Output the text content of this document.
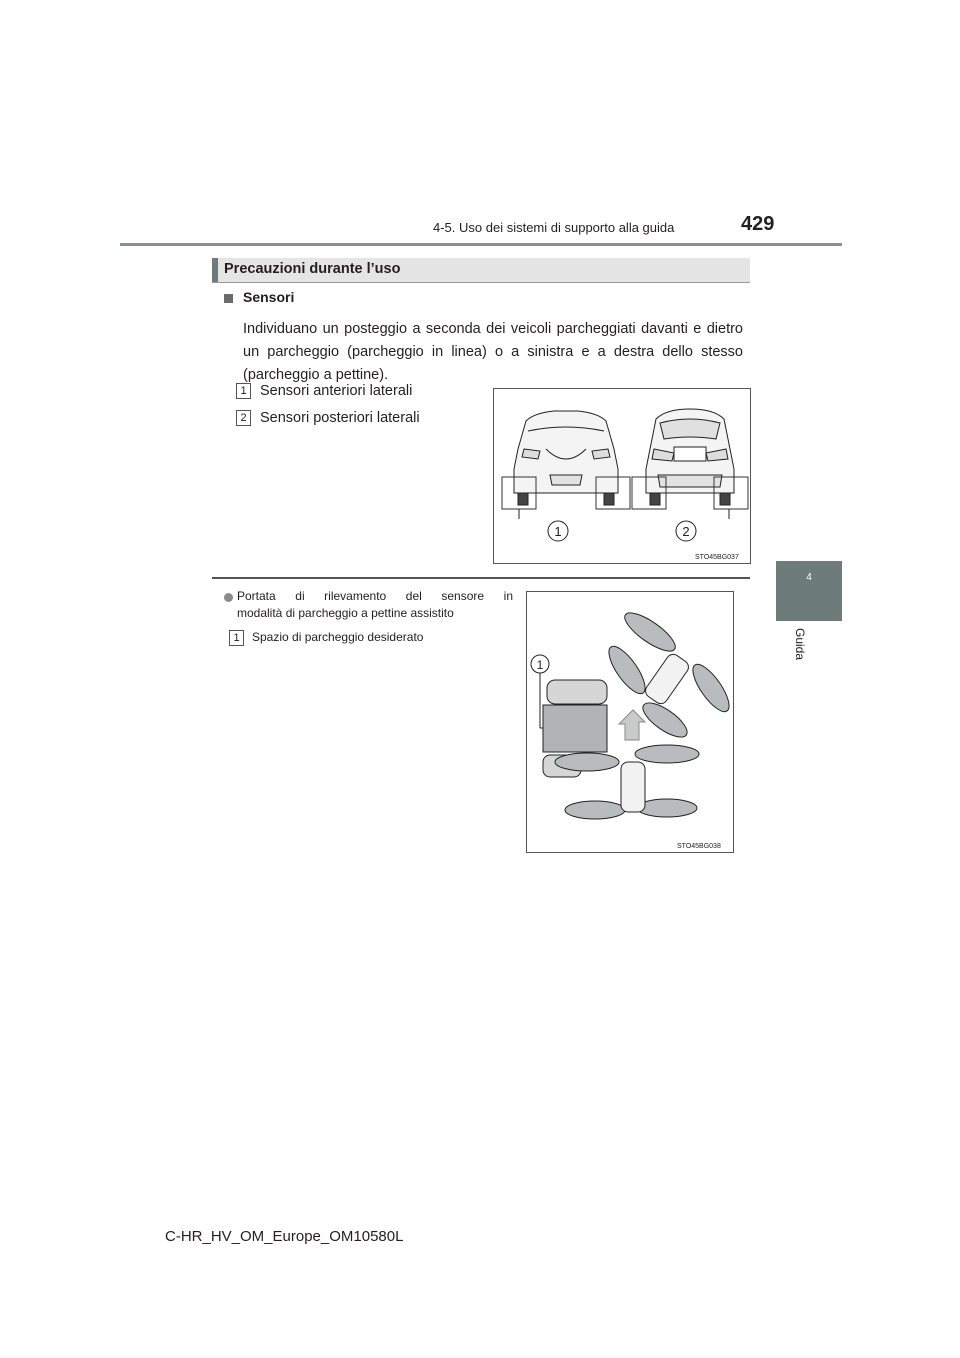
4-5. Uso dei sistemi di supporto alla guida	429
4
Guida
Precauzioni durante l’uso
Sensori
Individuano un posteggio a seconda dei veicoli parcheggiati davanti e dietro un parcheggio (parcheggio in linea) o a sinistra e a destra dello stesso (parcheggio a pettine).
1 Sensori anteriori laterali
2 Sensori posteriori laterali
1	2
STO45BG037
Portata di rilevamento del sensore in
modalità di parcheggio a pettine assistito
1	Spazio di parcheggio desiderato
1
STO45BG038
C-HR_HV_OM_Europe_OM10580L
